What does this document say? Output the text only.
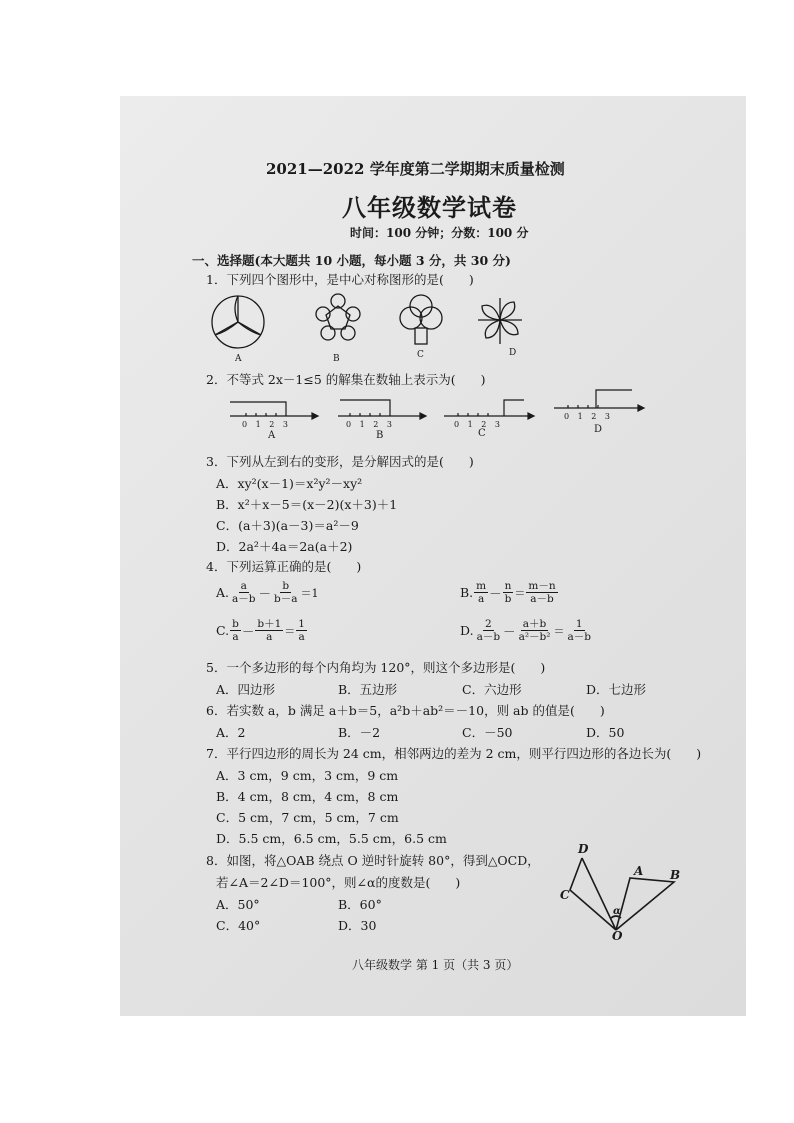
2021—2022 学年度第二学期期末质量检测
八年级数学试卷
时间：100 分钟；分数：100 分
一、选择题(本大题共 10 小题，每小题 3 分，共 30 分)
1．下列四个图形中，是中心对称图形的是(　　)
A	B	C	D
2．不等式 2x－1≤5 的解集在数轴上表示为(　　)
0 1 2 3	0 1 2 3	0 1 2 3
0 1 2 3
A	B	C	D
3．下列从左到右的变形，是分解因式的是(　　)
A．xy²(x－1)＝x²y²－xy²
B．x²＋x－5＝(x－2)(x＋3)＋1
C．(a＋3)(a－3)＝a²－9
D．2a²＋4a＝2a(a＋2)
4．下列运算正确的是(　　)
A. $\frac{a}{a-b} - \frac{b}{b-a} =1$	B. $\frac{m}{a} - \frac{n}{b} = \frac{m-n}{a-b}$
C. $\frac{b}{a} - \frac{b+1}{a} = \frac{1}{a}$	D. $\frac{2}{a-b} - \frac{a+b}{\text{a²－b²}} = \frac{1}{a-b}$
5．一个多边形的每个内角均为 120°，则这个多边形是(　　)
A．四边形	B．五边形	C．六边形	D．七边形
6．若实数 a，b 满足 a＋b＝5，a²b＋ab²＝－10，则 ab 的值是(　　)
A．2	B．－2	C．－50	D．50
7．平行四边形的周长为 24 cm，相邻两边的差为 2 cm，则平行四边形的各边长为(　　)
A．3 cm，9 cm，3 cm，9 cm
B．4 cm，8 cm，4 cm，8 cm
C．5 cm，7 cm，5 cm，7 cm
D．5.5 cm，6.5 cm，5.5 cm，6.5 cm
8．如图，将△OAB 绕点 O 逆时针旋转 80°，得到△OCD，
若∠A＝2∠D＝100°，则∠α的度数是(　　)
A．50°	B．60°
C．40°	D．30
D
A B
C
O
α
八年级数学 第 1 页（共 3 页）
